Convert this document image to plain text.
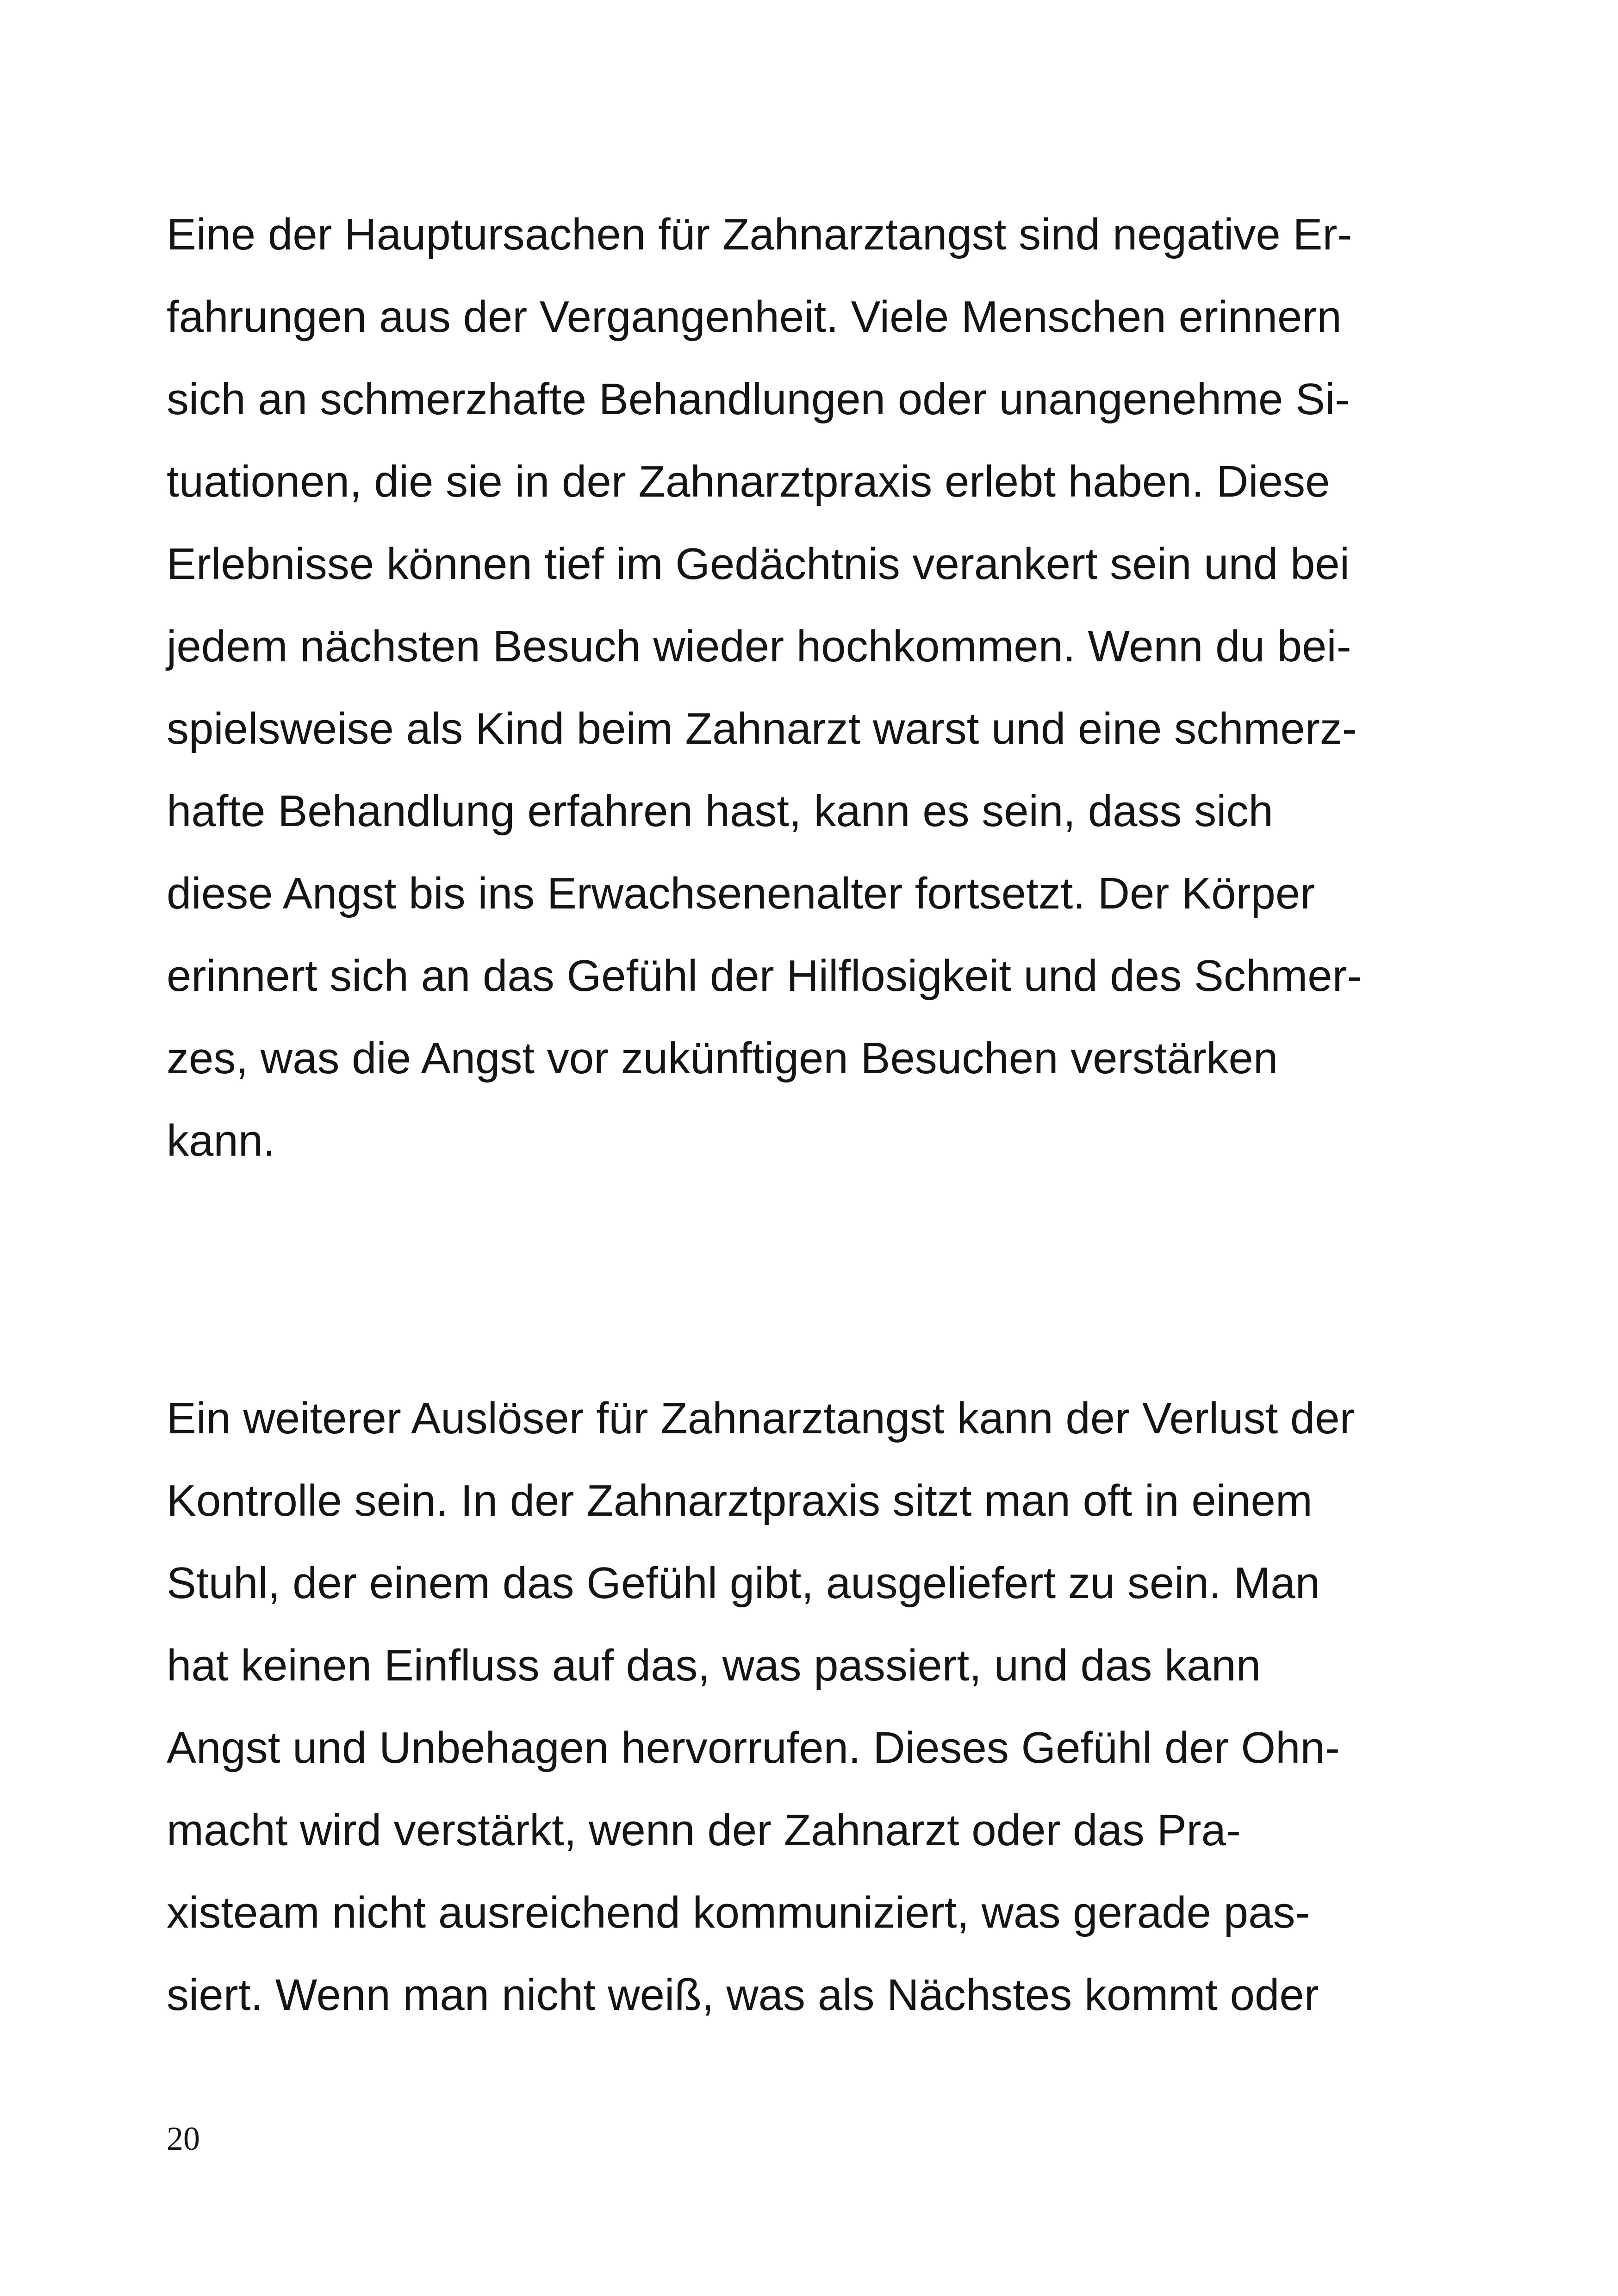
Eine der Hauptursachen für Zahnarztangst sind negative Er-
fahrungen aus der Vergangenheit. Viele Menschen erinnern
sich an schmerzhafte Behandlungen oder unangenehme Si-
tuationen, die sie in der Zahnarztpraxis erlebt haben. Diese
Erlebnisse können tief im Gedächtnis verankert sein und bei
jedem nächsten Besuch wieder hochkommen. Wenn du bei-
spielsweise als Kind beim Zahnarzt warst und eine schmerz-
hafte Behandlung erfahren hast, kann es sein, dass sich
diese Angst bis ins Erwachsenenalter fortsetzt. Der Körper
erinnert sich an das Gefühl der Hilflosigkeit und des Schmer-
zes, was die Angst vor zukünftigen Besuchen verstärken
kann.
Ein weiterer Auslöser für Zahnarztangst kann der Verlust der
Kontrolle sein. In der Zahnarztpraxis sitzt man oft in einem
Stuhl, der einem das Gefühl gibt, ausgeliefert zu sein. Man
hat keinen Einfluss auf das, was passiert, und das kann
Angst und Unbehagen hervorrufen. Dieses Gefühl der Ohn-
macht wird verstärkt, wenn der Zahnarzt oder das Pra-
xisteam nicht ausreichend kommuniziert, was gerade pas-
siert. Wenn man nicht weiß, was als Nächstes kommt oder
20
